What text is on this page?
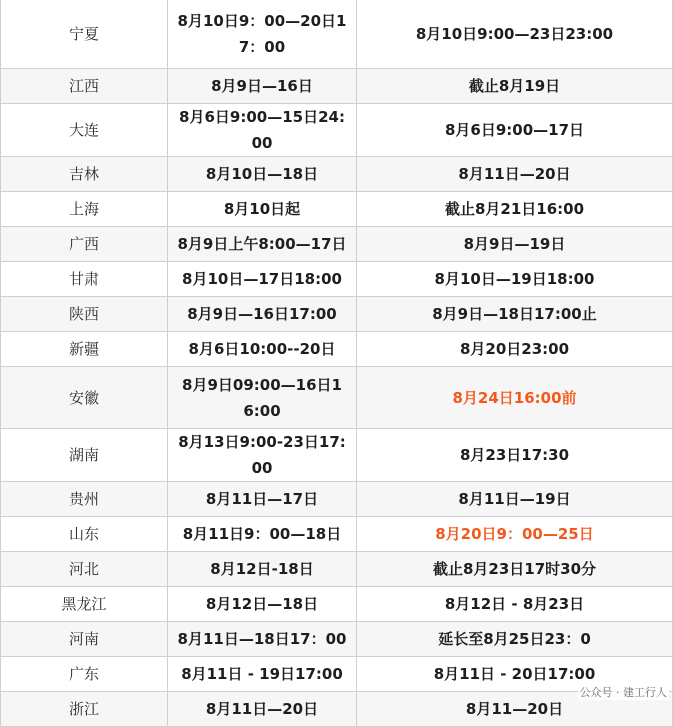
宁夏	8月10日9：00—20日17：00	8月10日9:00—23日23:00
江西	8月9日—16日	截止8月19日
大连	8月6日9:00—15日24:00	8月6日9:00—17日
吉林	8月10日—18日	8月11日—20日
上海	8月10日起	截止8月21日16:00
广西	8月9日上午8:00—17日	8月9日—19日
甘肃	8月10日—17日18:00	8月10日—19日18:00
陕西	8月9日—16日17:00	8月9日—18日17:00止
新疆	8月6日10:00--20日	8月20日23:00
安徽	8月9日09:00—16日16:00	8月24日16:00前
湖南	8月13日9:00-23日17:00	8月23日17:30
贵州	8月11日—17日	8月11日—19日
山东	8月11日9：00—18日	8月20日9：00—25日
河北	8月12日-18日	截止8月23日17时30分
黑龙江	8月12日—18日	8月12日 - 8月23日
河南	8月11日—18日17：00	延长至8月25日23：0
广东	8月11日 - 19日17:00	8月11日 - 20日17:00
浙江	8月11日—20日	8月11—20日
公众号 · 建工行人
